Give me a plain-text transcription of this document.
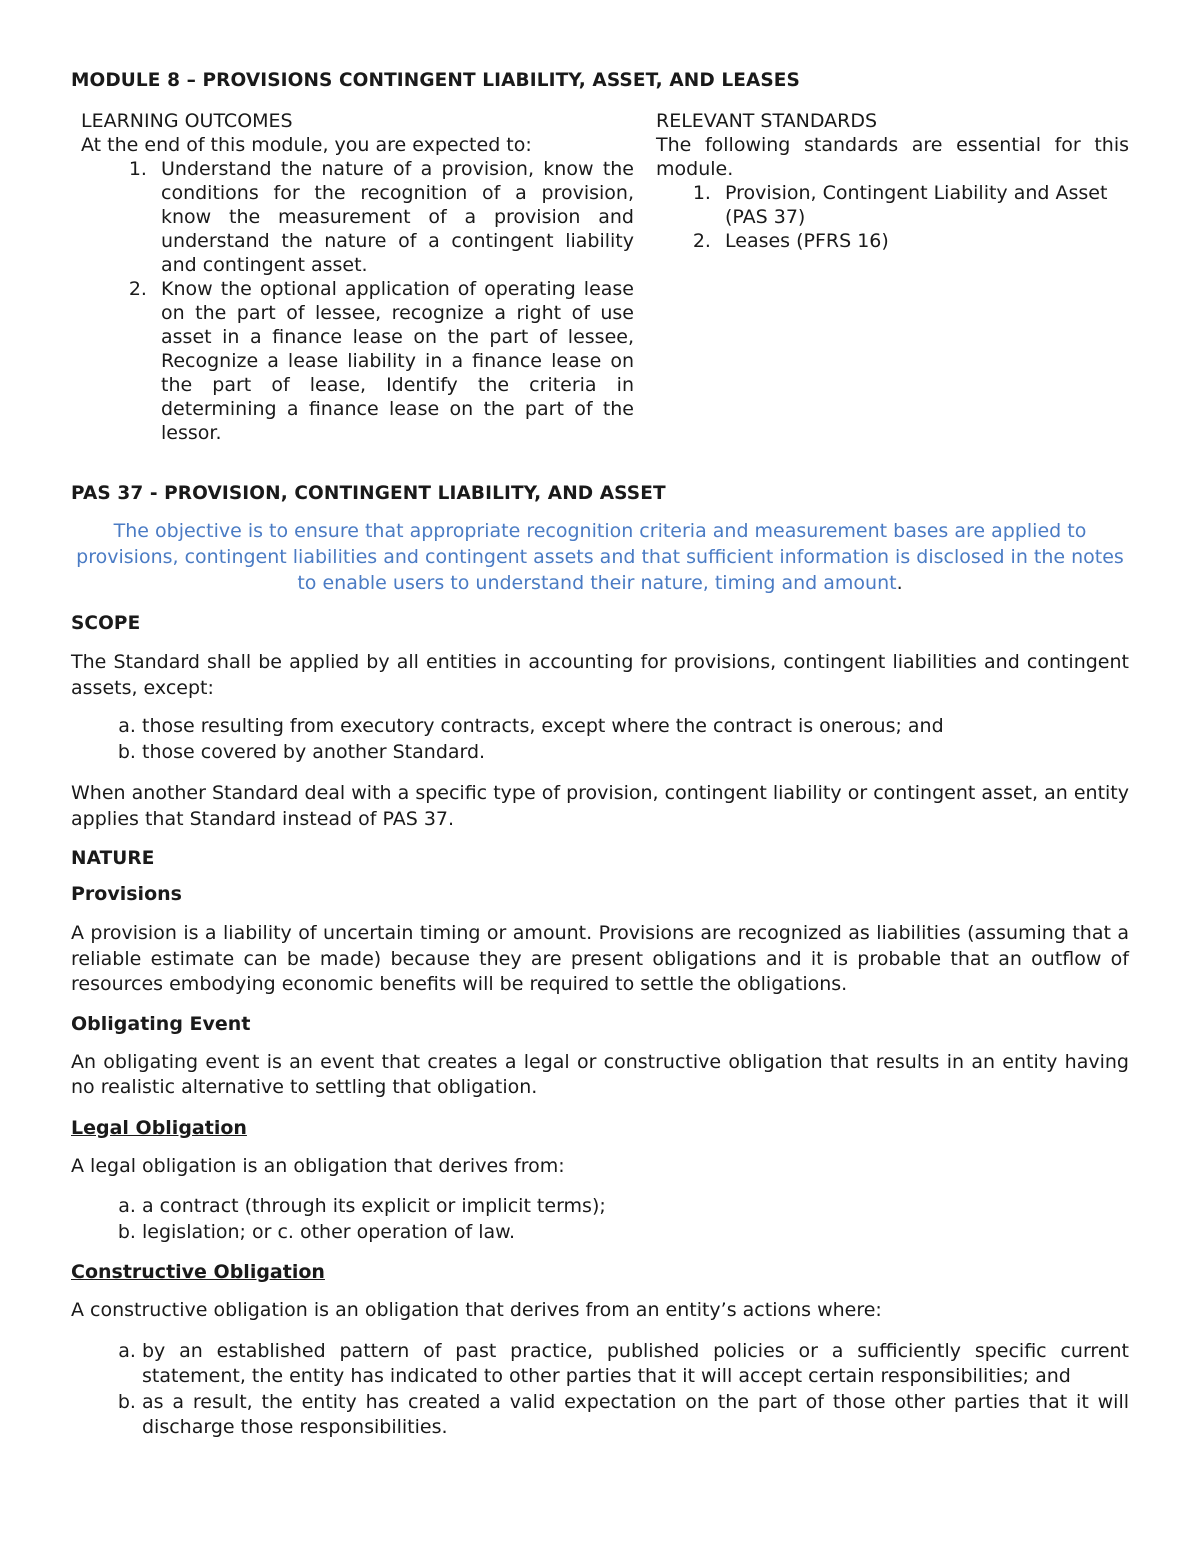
MODULE 8 – PROVISIONS CONTINGENT LIABILITY, ASSET, AND LEASES
LEARNING OUTCOMES
At the end of this module, you are expected to:
1. Understand the nature of a provision, know the conditions for the recognition of a provision, know the measurement of a provision and understand the nature of a contingent liability and contingent asset.
2. Know the optional application of operating lease on the part of lessee, recognize a right of use asset in a finance lease on the part of lessee, Recognize a lease liability in a finance lease on the part of lease, Identify the criteria in determining a finance lease on the part of the lessor.
RELEVANT STANDARDS
The following standards are essential for this module.
1. Provision, Contingent Liability and Asset (PAS 37)
2. Leases (PFRS 16)
PAS 37 - PROVISION, CONTINGENT LIABILITY, AND ASSET
The objective is to ensure that appropriate recognition criteria and measurement bases are applied to provisions, contingent liabilities and contingent assets and that sufficient information is disclosed in the notes to enable users to understand their nature, timing and amount.
SCOPE

The Standard shall be applied by all entities in accounting for provisions, contingent liabilities and contingent assets, except:

a. those resulting from executory contracts, except where the contract is onerous; and
b. those covered by another Standard.

When another Standard deal with a specific type of provision, contingent liability or contingent asset, an entity applies that Standard instead of PAS 37.

NATURE
Provisions

A provision is a liability of uncertain timing or amount. Provisions are recognized as liabilities (assuming that a reliable estimate can be made) because they are present obligations and it is probable that an outflow of resources embodying economic benefits will be required to settle the obligations.

Obligating Event

An obligating event is an event that creates a legal or constructive obligation that results in an entity having no realistic alternative to settling that obligation.

Legal Obligation

A legal obligation is an obligation that derives from:

a. a contract (through its explicit or implicit terms);
b. legislation; or c. other operation of law.
Constructive Obligation

A constructive obligation is an obligation that derives from an entity’s actions where:

a. by an established pattern of past practice, published policies or a sufficiently specific current statement, the entity has indicated to other parties that it will accept certain responsibilities; and
b. as a result, the entity has created a valid expectation on the part of those other parties that it will discharge those responsibilities.
